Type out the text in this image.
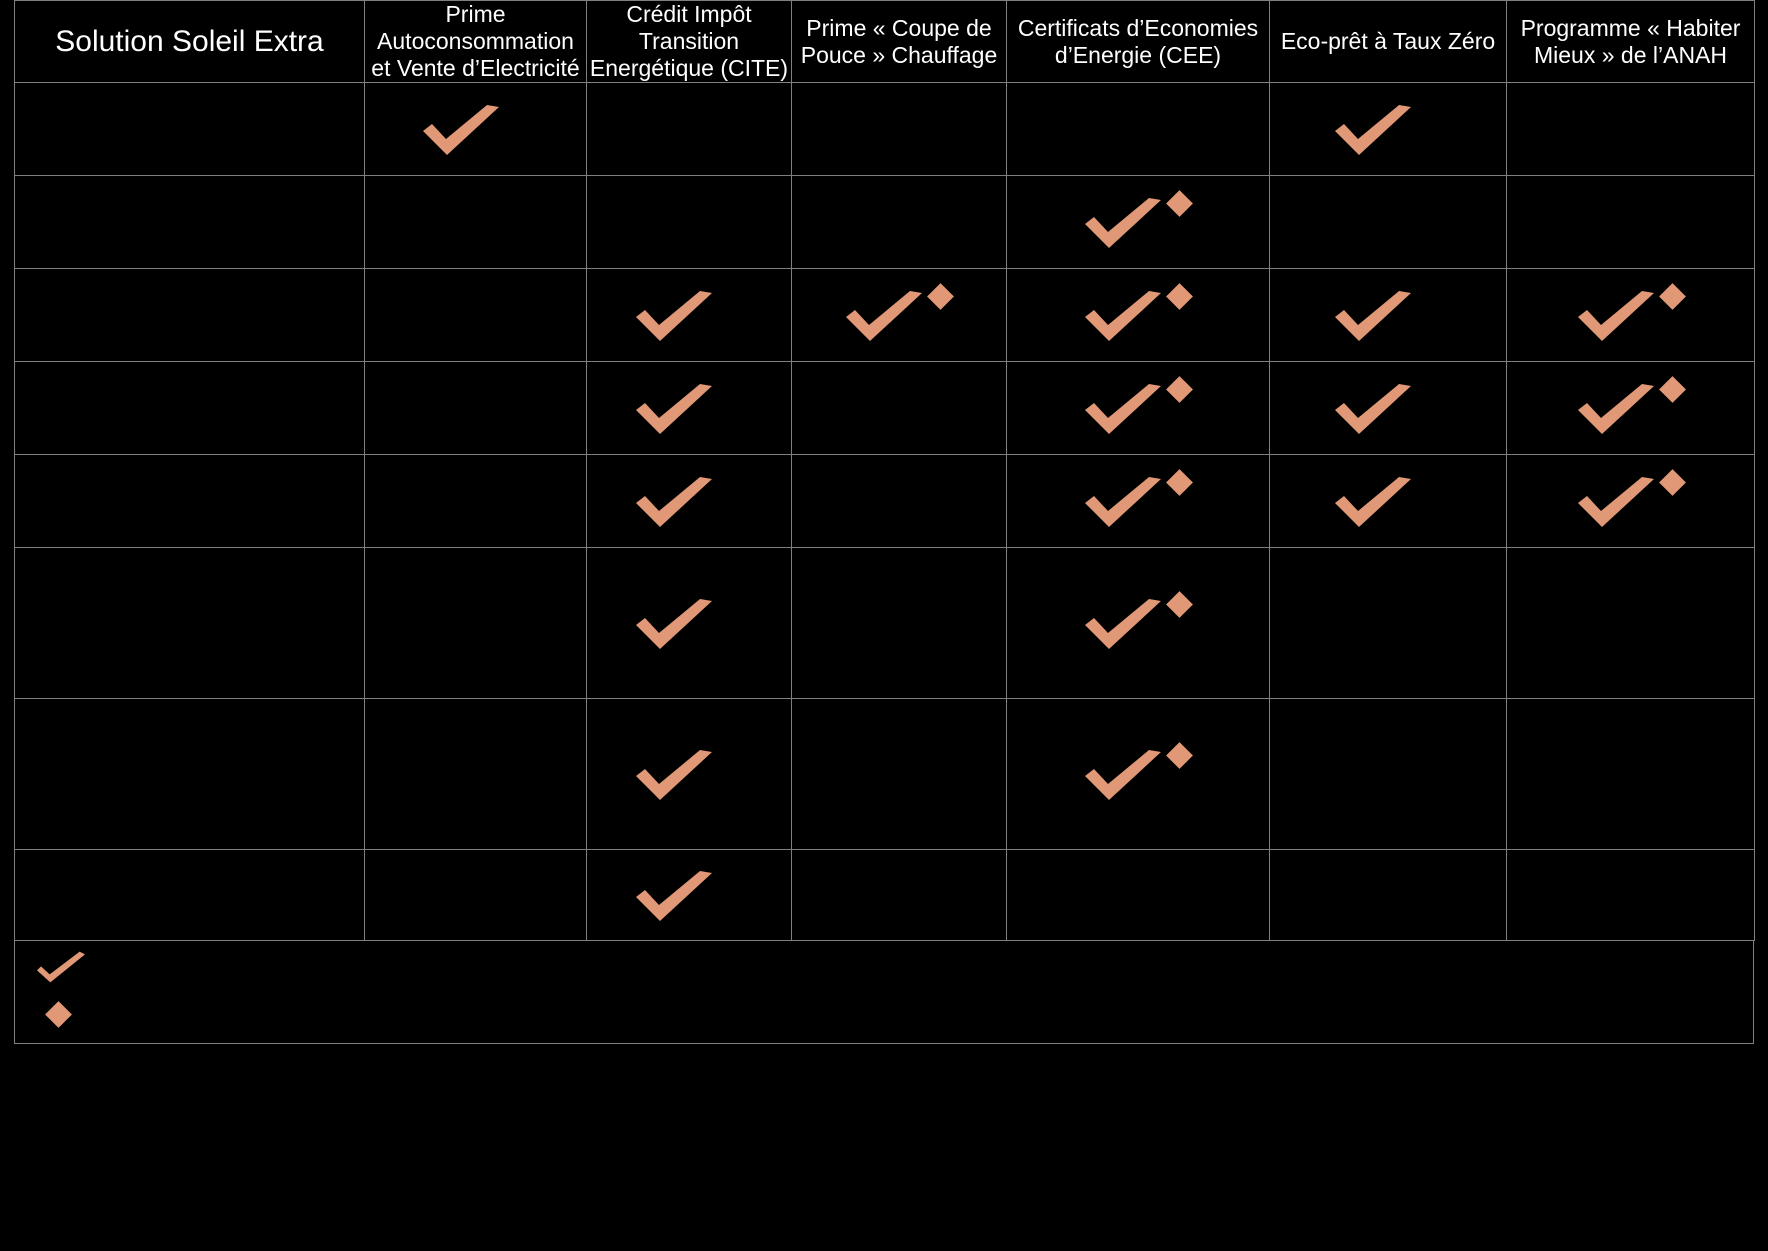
Solution Soleil Extra	Prime Autoconsommation et Vente d’Electricité	Crédit Impôt Transition Energétique (CITE)	Prime « Coupe de Pouce » Chauffage	Certificats d’Economies d’Energie (CEE)	Eco-prêt à Taux Zéro	Programme « Habiter Mieux » de l’ANAH
